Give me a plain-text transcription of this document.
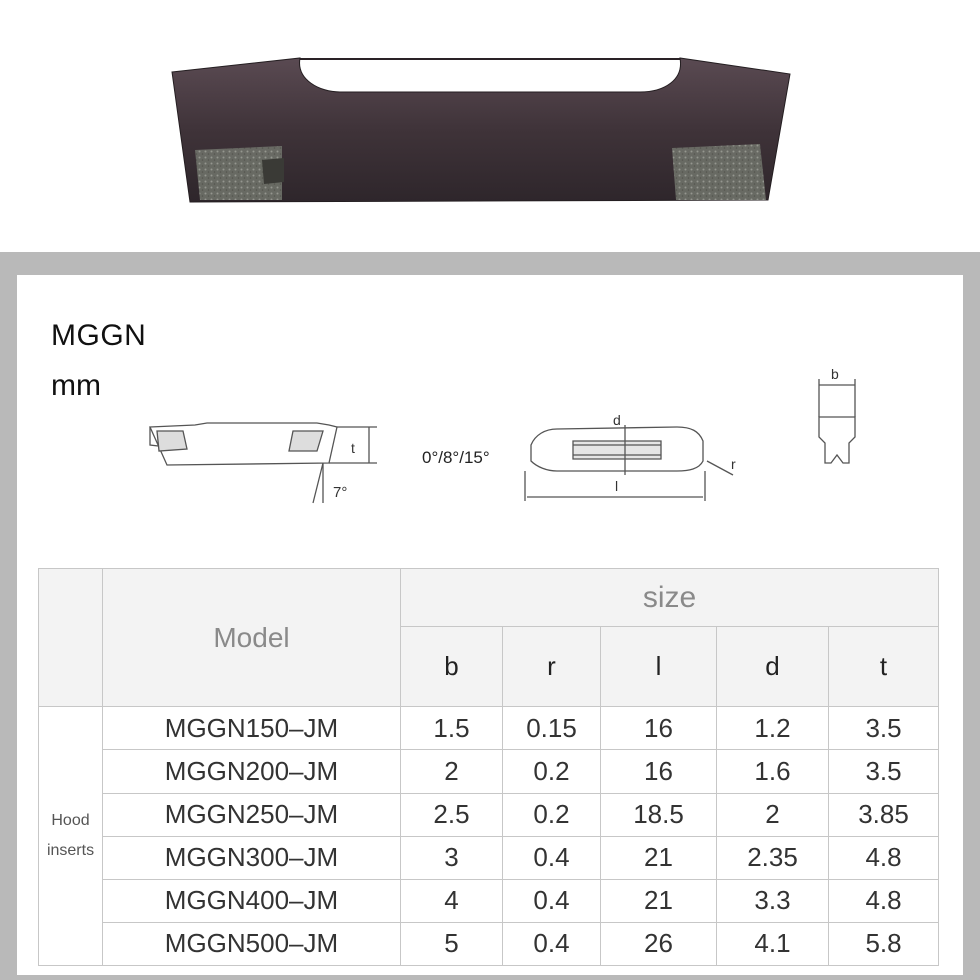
MGGN
mm
t
7°
0°/8°/15°
d
l
r
b
	Model	size				
		b	r	l	d	t
Hood inserts	MGGN150–JM	1.5	0.15	16	1.2	3.5
	MGGN200–JM	2	0.2	16	1.6	3.5
	MGGN250–JM	2.5	0.2	18.5	2	3.85
	MGGN300–JM	3	0.4	21	2.35	4.8
	MGGN400–JM	4	0.4	21	3.3	4.8
	MGGN500–JM	5	0.4	26	4.1	5.8
